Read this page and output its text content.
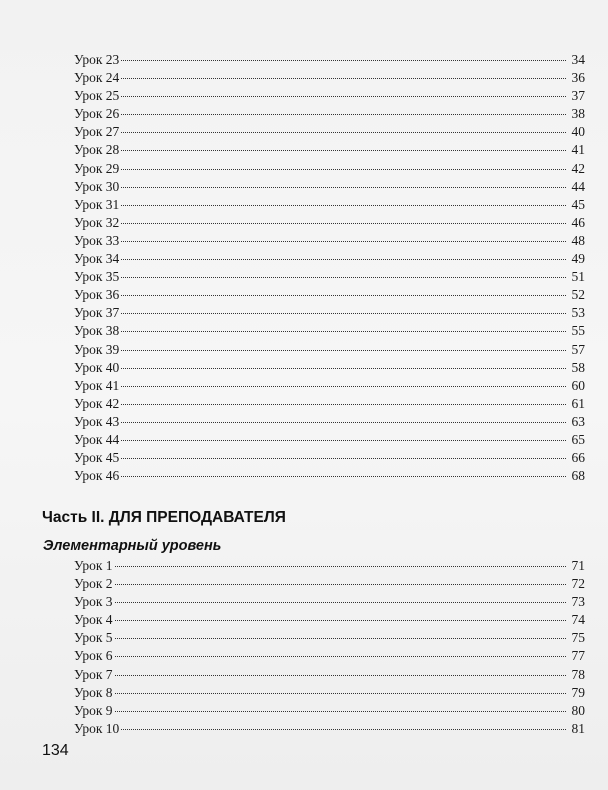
Урок 23	34
Урок 24	36
Урок 25	37
Урок 26	38
Урок 27	40
Урок 28	41
Урок 29	42
Урок 30	44
Урок 31	45
Урок 32	46
Урок 33	48
Урок 34	49
Урок 35	51
Урок 36	52
Урок 37	53
Урок 38	55
Урок 39	57
Урок 40	58
Урок 41	60
Урок 42	61
Урок 43	63
Урок 44	65
Урок 45	66
Урок 46	68
Часть II. ДЛЯ ПРЕПОДАВАТЕЛЯ
Элементарный уровень
Урок 1	71
Урок 2	72
Урок 3	73
Урок 4	74
Урок 5	75
Урок 6	77
Урок 7	78
Урок 8	79
Урок 9	80
Урок 10	81
134
